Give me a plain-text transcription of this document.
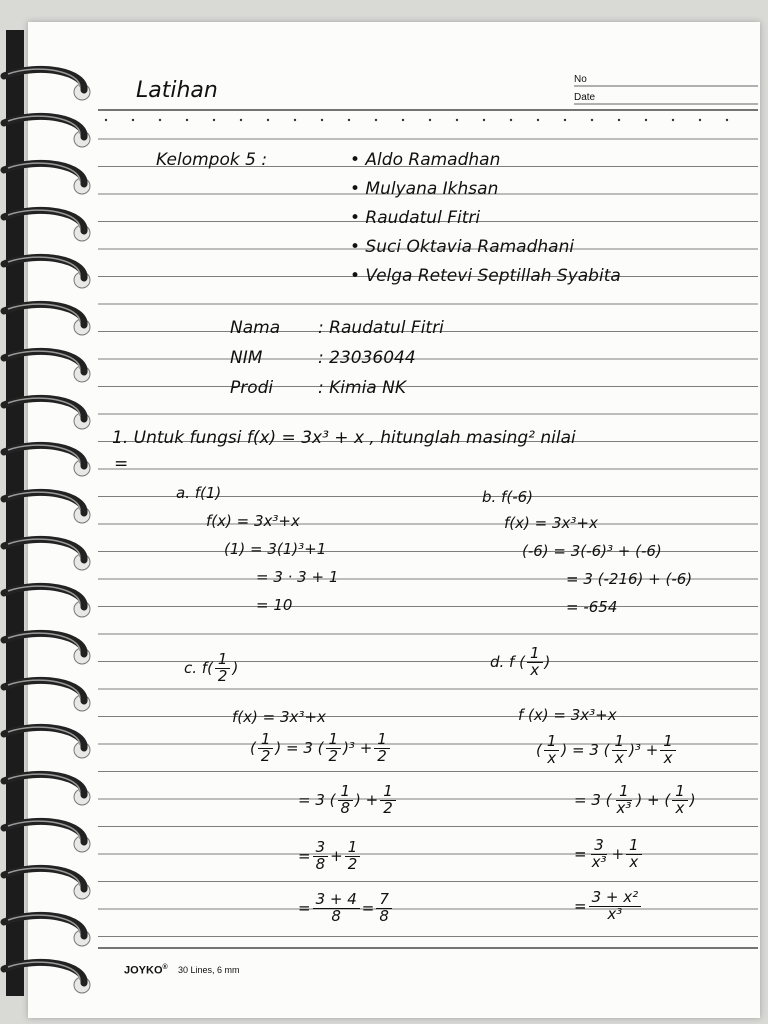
No
Date
Latihan
Kelompok 5 :	• Aldo Ramadhan
• Mulyana Ikhsan
• Raudatul Fitri
• Suci Oktavia Ramadhani
• Velga Retevi Septillah Syabita
Nama : Raudatul Fitri
NIM	: 23036044
Prodi	: Kimia NK
1. Untuk fungsi f(x) = 3x³ + x , hitunglah masing² nilai
=
a. f(1)
f(x) = 3x³+x
(1) = 3(1)³+1
= 3 · 3 + 1
= 10
b. f(-6)
f(x) = 3x³+x
(-6) = 3(-6)³ + (-6)
= 3 (-216) + (-6)
= -654
c. $f( \frac{1}{2}$ )
f(x) = 3x³+x
( $\frac{1}{2}$ ) = 3 ( $\frac{1}{2} )^3 + \frac{1}{2}$
= 3 ( $\frac{1}{8}$ ) + $\frac{1}{2}$
= $\frac{3}{8} + \frac{1}{2}$
= $\frac{3 + 4}{8} = \frac{7}{8}$
d. f ( $\frac{1}{x}$ )
f (x) = 3x³+x
( $\frac{1}{x}$ ) = 3 ( $\frac{1}{x} )^3 + \frac{1}{x}$
= 3 ( $\frac{1}{\text{x³}}$ ) + ( $\frac{1}{x}$ )
= $\frac{3}{\text{x³}} + \frac{1}{x}$
= $\frac{\text{3 + x²}}{\text{x³}}$
JOYKO® 30 Lines, 6 mm
